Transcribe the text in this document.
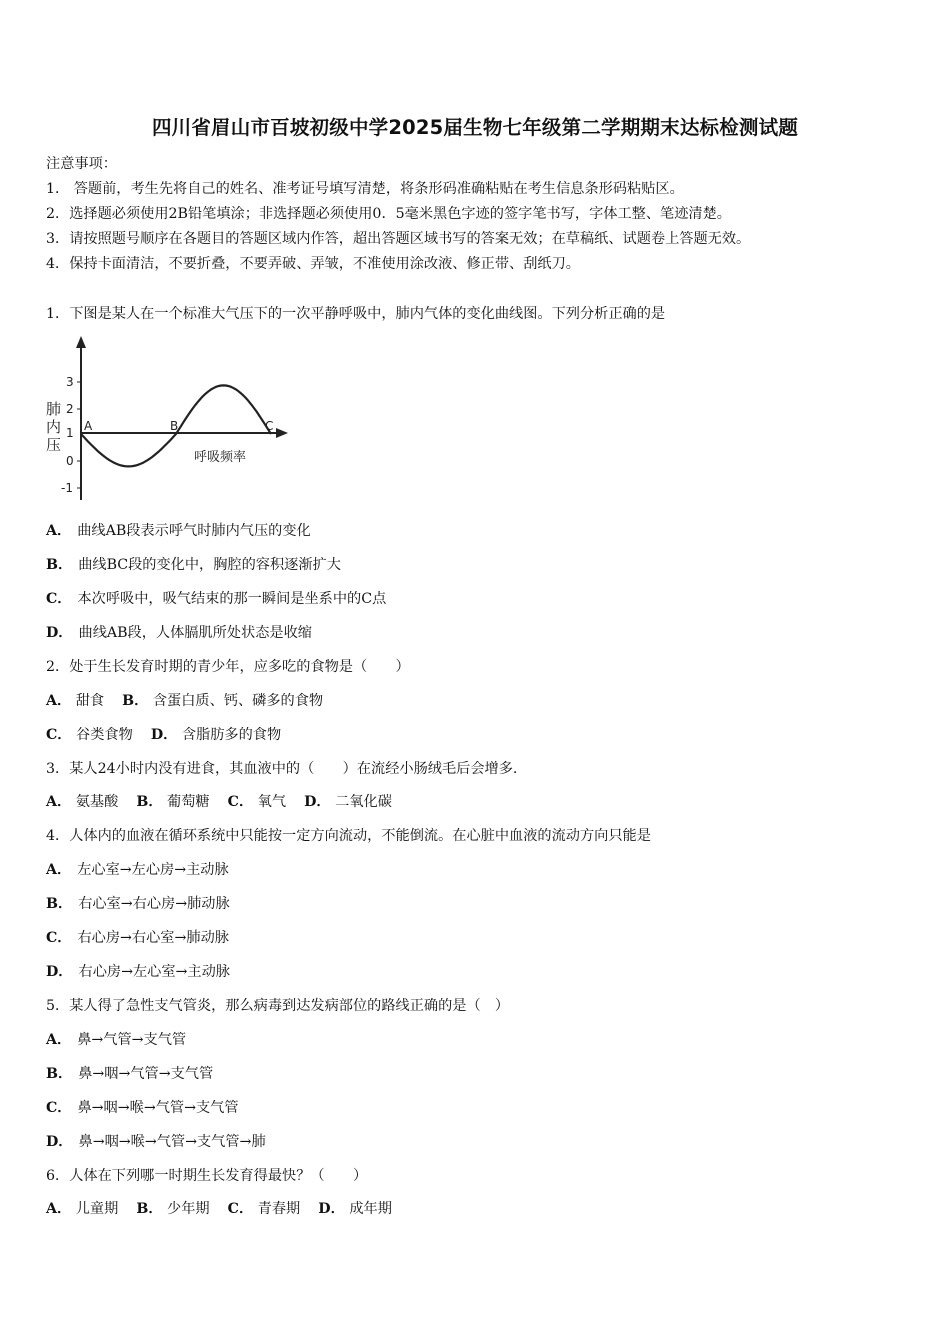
四川省眉山市百坡初级中学2025届生物七年级第二学期期末达标检测试题
注意事项：
1． 答题前，考生先将自己的姓名、准考证号填写清楚，将条形码准确粘贴在考生信息条形码粘贴区。
2．选择题必须使用2B铅笔填涂；非选择题必须使用0．5毫米黑色字迹的签字笔书写，字体工整、笔迹清楚。
3．请按照题号顺序在各题目的答题区域内作答，超出答题区域书写的答案无效；在草稿纸、试题卷上答题无效。
4．保持卡面清洁，不要折叠，不要弄破、弄皱，不准使用涂改液、修正带、刮纸刀。
1．下图是某人在一个标准大气压下的一次平静呼吸中，肺内气体的变化曲线图。下列分析正确的是
3
2
1
0
-1
肺
内
压
呼吸频率
A	B	C
A． 曲线AB段表示呼气时肺内气压的变化
B． 曲线BC段的变化中，胸腔的容积逐渐扩大
C． 本次呼吸中，吸气结束的那一瞬间是坐系中的C点
D． 曲线AB段，人体膈肌所处状态是收缩
2．处于生长发育时期的青少年，应多吃的食物是（　　）
A． 甜食 B． 含蛋白质、钙、磷多的食物
C． 谷类食物 D． 含脂肪多的食物
3．某人24小时内没有进食，其血液中的（　　）在流经小肠绒毛后会增多.
A． 氨基酸 B． 葡萄糖 C． 氧气 D． 二氧化碳
4．人体内的血液在循环系统中只能按一定方向流动，不能倒流。在心脏中血液的流动方向只能是
A． 左心室→左心房→主动脉
B． 右心室→右心房→肺动脉
C． 右心房→右心室→肺动脉
D． 右心房→左心室→主动脉
5．某人得了急性支气管炎，那么病毒到达发病部位的路线正确的是（　）
A． 鼻→气管→支气管
B． 鼻→咽→气管→支气管
C． 鼻→咽→喉→气管→支气管
D． 鼻→咽→喉→气管→支气管→肺
6．人体在下列哪一时期生长发育得最快？（　　）
A． 儿童期 B． 少年期 C． 青春期 D． 成年期
